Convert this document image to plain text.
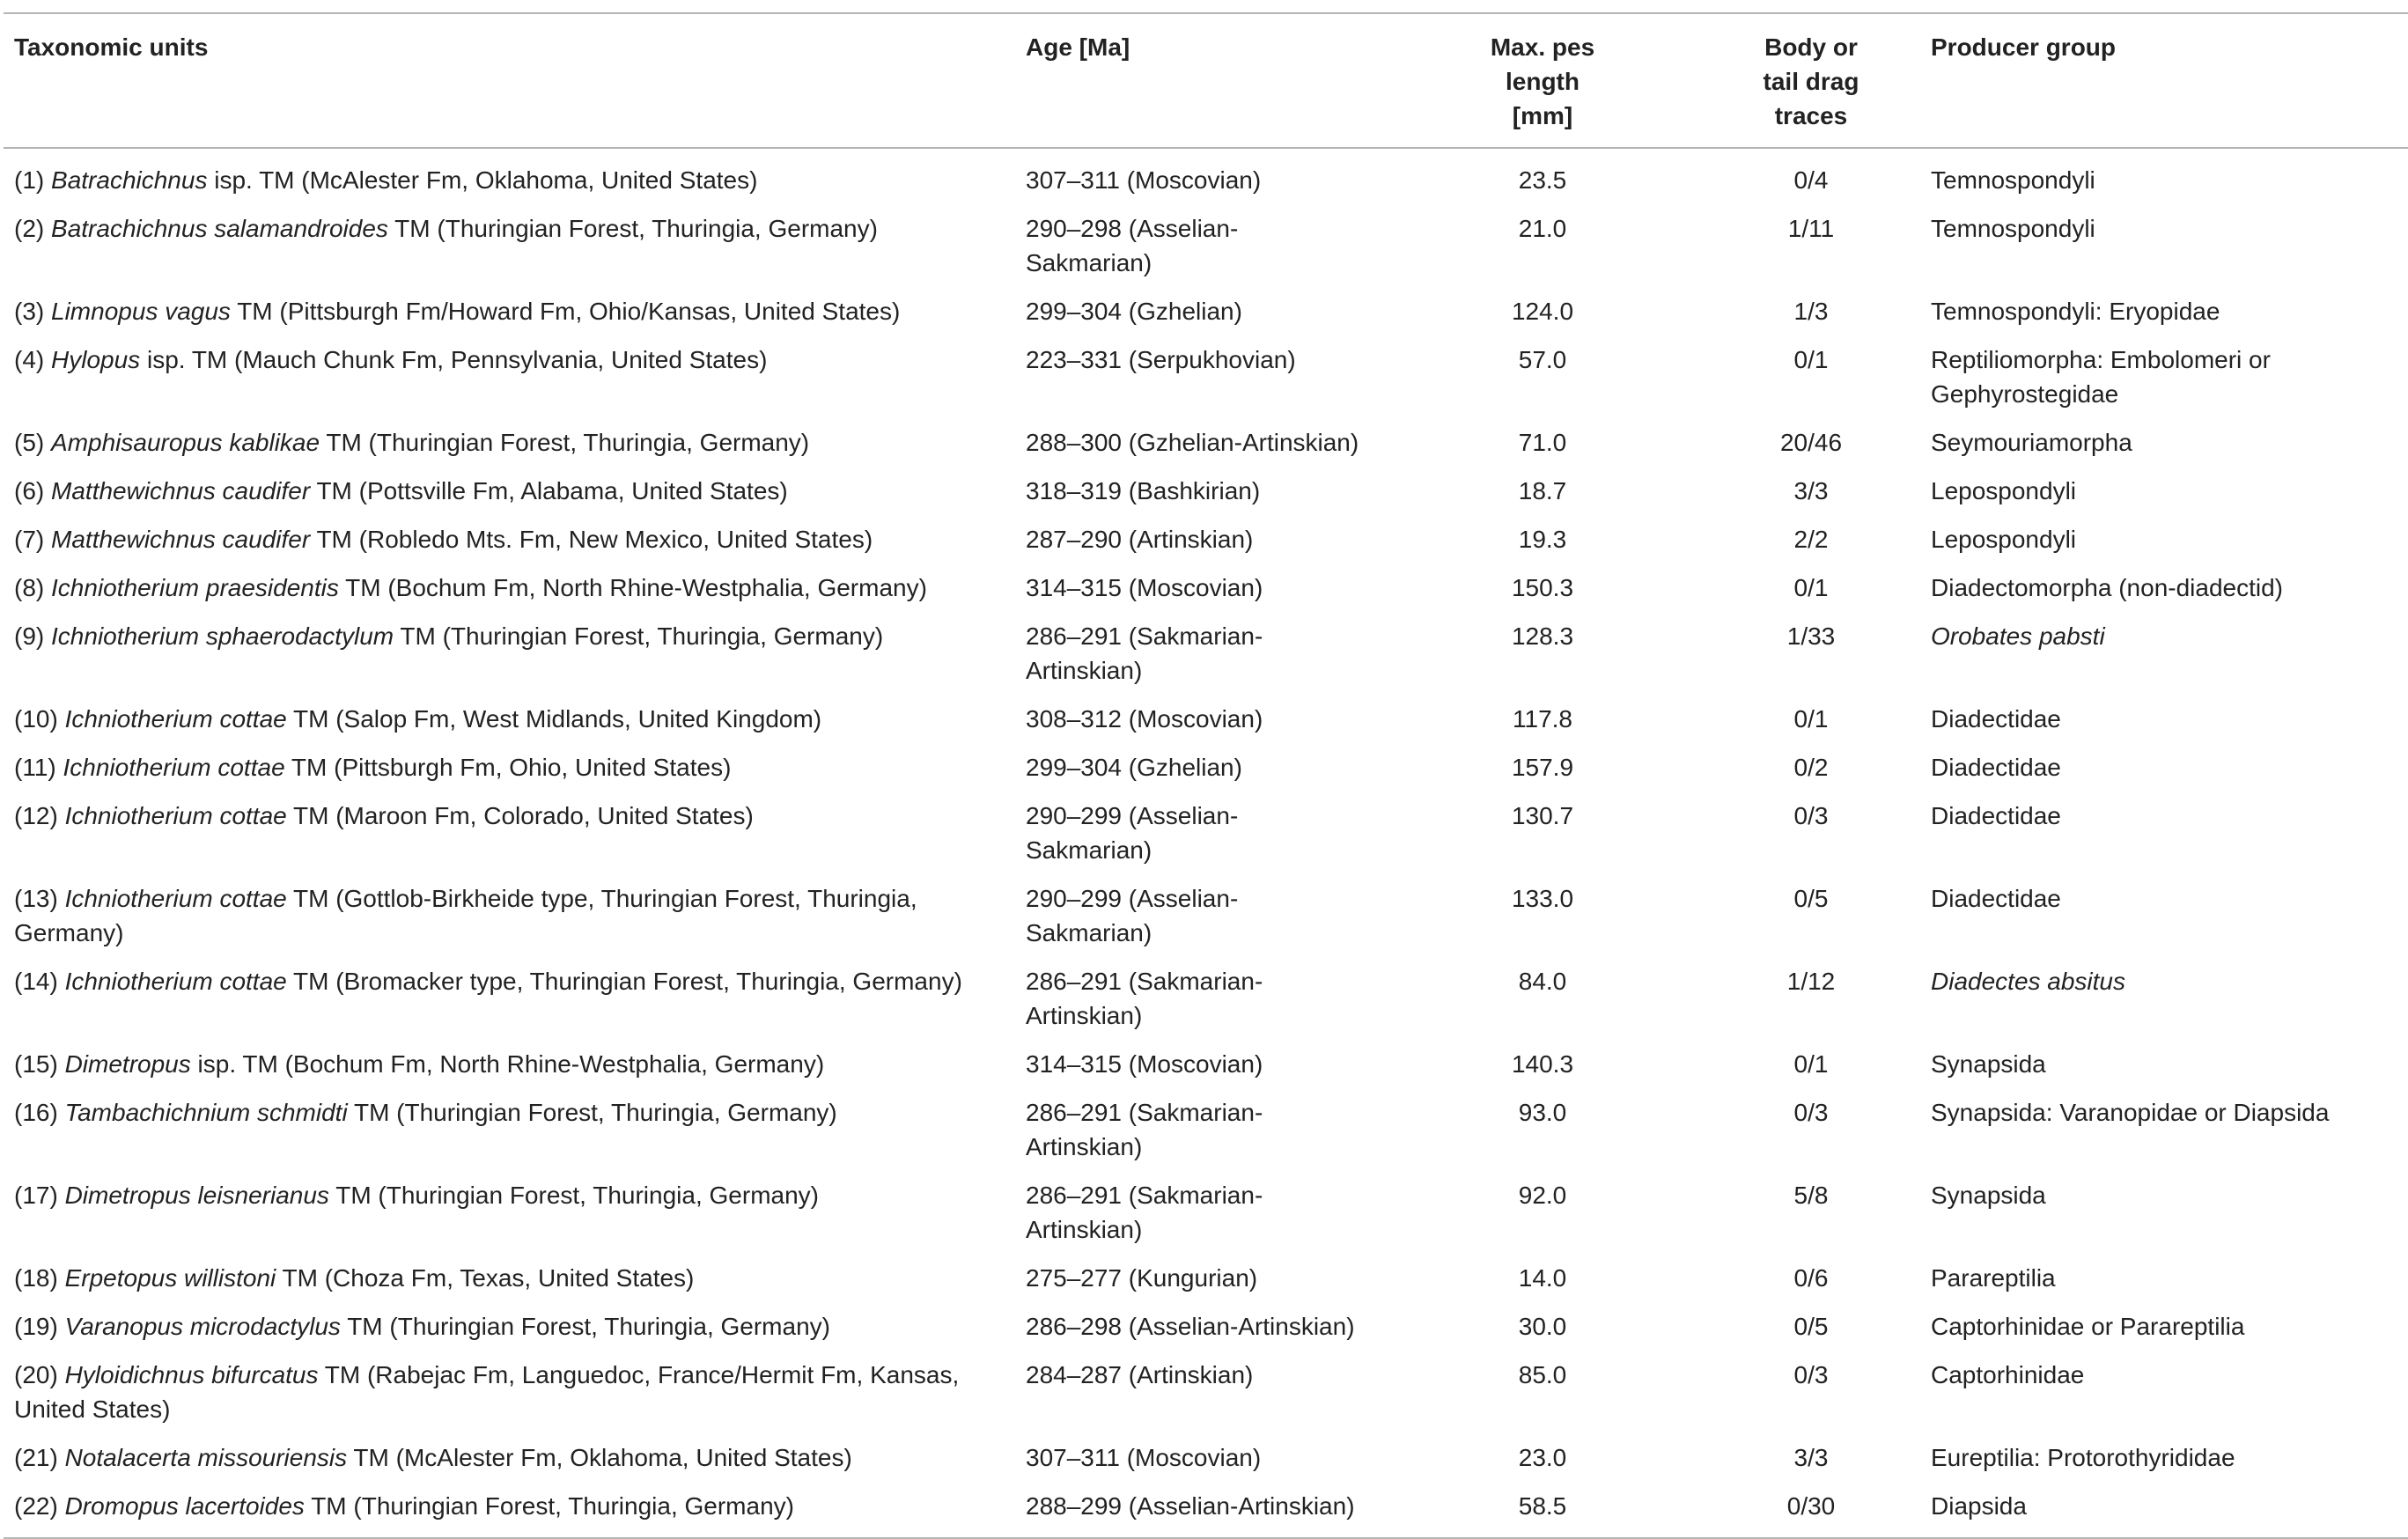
Taxonomic units	Age [Ma]	Max. pes length [mm]	Body or tail drag traces	Producer group

(1) Batrachichnus isp. TM (McAlester Fm, Oklahoma, United States)	307–311 (Moscovian)	23.5	0/4	Temnospondyli

(2) Batrachichnus salamandroides TM (Thuringian Forest, Thuringia, Germany)	290–298 (Asselian-Sakmarian)	21.0	1/11	Temnospondyli

(3) Limnopus vagus TM (Pittsburgh Fm/Howard Fm, Ohio/Kansas, United States)	299–304 (Gzhelian)	124.0	1/3	Temnospondyli: Eryopidae

(4) Hylopus isp. TM (Mauch Chunk Fm, Pennsylvania, United States)	223–331 (Serpukhovian)	57.0	0/1	Reptiliomorpha: Embolomeri or Gephyrostegidae

(5) Amphisauropus kablikae TM (Thuringian Forest, Thuringia, Germany)	288–300 (Gzhelian-Artinskian)	71.0	20/46	Seymouriamorpha

(6) Matthewichnus caudifer TM (Pottsville Fm, Alabama, United States)	318–319 (Bashkirian)	18.7	3/3	Lepospondyli

(7) Matthewichnus caudifer TM (Robledo Mts. Fm, New Mexico, United States)	287–290 (Artinskian)	19.3	2/2	Lepospondyli

(8) Ichniotherium praesidentis TM (Bochum Fm, North Rhine-Westphalia, Germany)	314–315 (Moscovian)	150.3	0/1	Diadectomorpha (non-diadectid)

(9) Ichniotherium sphaerodactylum TM (Thuringian Forest, Thuringia, Germany)	286–291 (Sakmarian-Artinskian)	128.3	1/33	Orobates pabsti

(10) Ichniotherium cottae TM (Salop Fm, West Midlands, United Kingdom)	308–312 (Moscovian)	117.8	0/1	Diadectidae

(11) Ichniotherium cottae TM (Pittsburgh Fm, Ohio, United States)	299–304 (Gzhelian)	157.9	0/2	Diadectidae

(12) Ichniotherium cottae TM (Maroon Fm, Colorado, United States)	290–299 (Asselian-Sakmarian)	130.7	0/3	Diadectidae

(13) Ichniotherium cottae TM (Gottlob-Birkheide type, Thuringian Forest, Thuringia, Germany)	290–299 (Asselian-Sakmarian)	133.0	0/5	Diadectidae

(14) Ichniotherium cottae TM (Bromacker type, Thuringian Forest, Thuringia, Germany)	286–291 (Sakmarian-Artinskian)	84.0	1/12	Diadectes absitus

(15) Dimetropus isp. TM (Bochum Fm, North Rhine-Westphalia, Germany)	314–315 (Moscovian)	140.3	0/1	Synapsida

(16) Tambachichnium schmidti TM (Thuringian Forest, Thuringia, Germany)	286–291 (Sakmarian-Artinskian)	93.0	0/3	Synapsida: Varanopidae or Diapsida

(17) Dimetropus leisnerianus TM (Thuringian Forest, Thuringia, Germany)	286–291 (Sakmarian-Artinskian)	92.0	5/8	Synapsida

(18) Erpetopus willistoni TM (Choza Fm, Texas, United States)	275–277 (Kungurian)	14.0	0/6	Parareptilia

(19) Varanopus microdactylus TM (Thuringian Forest, Thuringia, Germany)	286–298 (Asselian-Artinskian)	30.0	0/5	Captorhinidae or Parareptilia

(20) Hyloidichnus bifurcatus TM (Rabejac Fm, Languedoc, France/Hermit Fm, Kansas, United States)	284–287 (Artinskian)	85.0	0/3	Captorhinidae

(21) Notalacerta missouriensis TM (McAlester Fm, Oklahoma, United States)	307–311 (Moscovian)	23.0	3/3	Eureptilia: Protorothyrididae

(22) Dromopus lacertoides TM (Thuringian Forest, Thuringia, Germany)	288–299 (Asselian-Artinskian)	58.5	0/30	Diapsida
